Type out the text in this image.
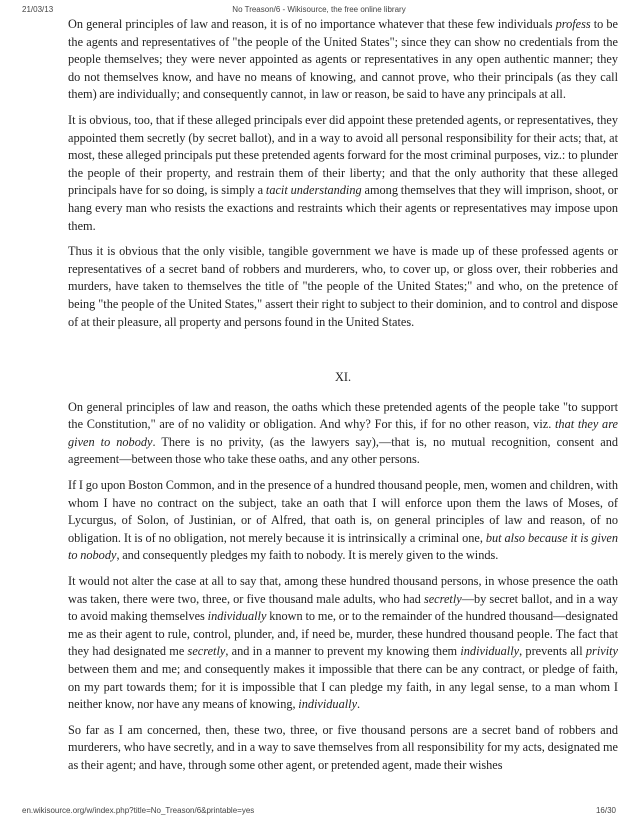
21/03/13	No Treason/6 - Wikisource, the free online library

On general principles of law and reason, it is of no importance whatever that these few individuals profess to be the agents and representatives of "the people of the United States"; since they can show no credentials from the people themselves; they were never appointed as agents or representatives in any open authentic manner; they do not themselves know, and have no means of knowing, and cannot prove, who their principals (as they call them) are individually; and consequently cannot, in law or reason, be said to have any principals at all.

It is obvious, too, that if these alleged principals ever did appoint these pretended agents, or representatives, they appointed them secretly (by secret ballot), and in a way to avoid all personal responsibility for their acts; that, at most, these alleged principals put these pretended agents forward for the most criminal purposes, viz.: to plunder the people of their property, and restrain them of their liberty; and that the only authority that these alleged principals have for so doing, is simply a tacit understanding among themselves that they will imprison, shoot, or hang every man who resists the exactions and restraints which their agents or representatives may impose upon them.

Thus it is obvious that the only visible, tangible government we have is made up of these professed agents or representatives of a secret band of robbers and murderers, who, to cover up, or gloss over, their robberies and murders, have taken to themselves the title of "the people of the United States;" and who, on the pretence of being "the people of the United States," assert their right to subject to their dominion, and to control and dispose of at their pleasure, all property and persons found in the United States.

XI.

On general principles of law and reason, the oaths which these pretended agents of the people take "to support the Constitution," are of no validity or obligation. And why? For this, if for no other reason, viz. that they are given to nobody. There is no privity, (as the lawyers say),—that is, no mutual recognition, consent and agreement—between those who take these oaths, and any other persons.

If I go upon Boston Common, and in the presence of a hundred thousand people, men, women and children, with whom I have no contract on the subject, take an oath that I will enforce upon them the laws of Moses, of Lycurgus, of Solon, of Justinian, or of Alfred, that oath is, on general principles of law and reason, of no obligation. It is of no obligation, not merely because it is intrinsically a criminal one, but also because it is given to nobody, and consequently pledges my faith to nobody. It is merely given to the winds.

It would not alter the case at all to say that, among these hundred thousand persons, in whose presence the oath was taken, there were two, three, or five thousand male adults, who had secretly—by secret ballot, and in a way to avoid making themselves individually known to me, or to the remainder of the hundred thousand—designated me as their agent to rule, control, plunder, and, if need be, murder, these hundred thousand people. The fact that they had designated me secretly, and in a manner to prevent my knowing them individually, prevents all privity between them and me; and consequently makes it impossible that there can be any contract, or pledge of faith, on my part towards them; for it is impossible that I can pledge my faith, in any legal sense, to a man whom I neither know, nor have any means of knowing, individually.

So far as I am concerned, then, these two, three, or five thousand persons are a secret band of robbers and murderers, who have secretly, and in a way to save themselves from all responsibility for my acts, designated me as their agent; and have, through some other agent, or pretended agent, made their wishes

en.wikisource.org/w/index.php?title=No_Treason/6&printable=yes	16/30
